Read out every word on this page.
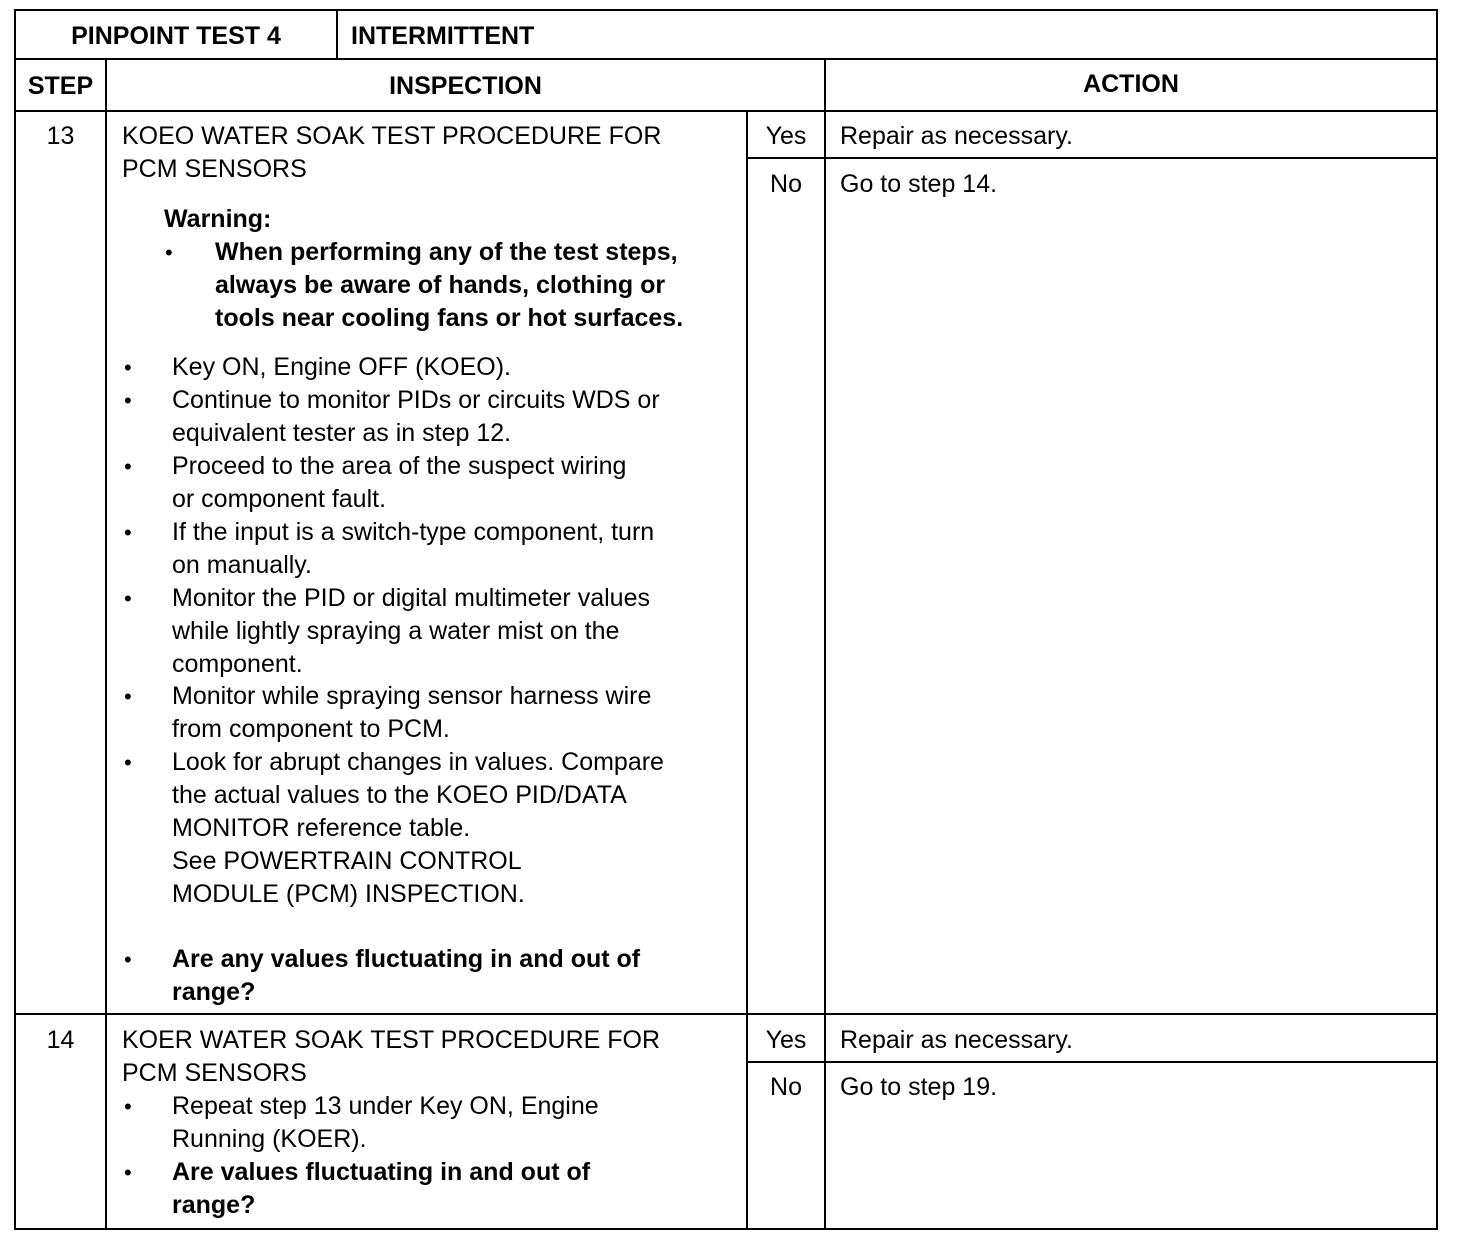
PINPOINT TEST 4	INTERMITTENT
STEP	INSPECTION	ACTION
13	KOEO WATER SOAK TEST PROCEDURE FOR
PCM SENSORS
Warning:
• When performing any of the test steps,
always be aware of hands, clothing or
tools near cooling fans or hot surfaces.
• Key ON, Engine OFF (KOEO).
• Continue to monitor PIDs or circuits WDS or
equivalent tester as in step 12.
• Proceed to the area of the suspect wiring
or component fault.
• If the input is a switch-type component, turn
on manually.
• Monitor the PID or digital multimeter values
while lightly spraying a water mist on the
component.
• Monitor while spraying sensor harness wire
from component to PCM.
• Look for abrupt changes in values. Compare
the actual values to the KOEO PID/DATA
MONITOR reference table.
See POWERTRAIN CONTROL
MODULE (PCM) INSPECTION.
• Are any values fluctuating in and out of
range?
Yes	Repair as necessary.
No	Go to step 14.
14	KOER WATER SOAK TEST PROCEDURE FOR
PCM SENSORS
• Repeat step 13 under Key ON, Engine
Running (KOER).
• Are values fluctuating in and out of
range?
Yes	Repair as necessary.
No	Go to step 19.
